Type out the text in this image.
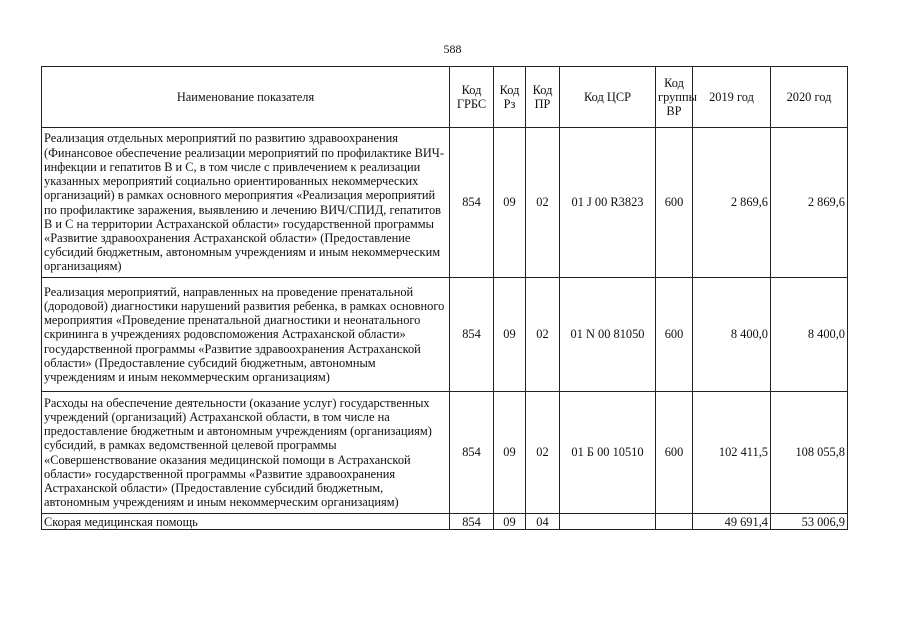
588
Наименование показателя	Код ГРБС	Код Рз	Код ПР	Код ЦСР	Код группы ВР	2019 год	2020 год
Реализация отдельных мероприятий по развитию здравоохранения (Финансовое обеспечение реализации мероприятий по профилактике ВИЧ-инфекции и гепатитов В и С, в том числе с привлечением к реализации указанных мероприятий социально ориентированных некоммерческих организаций) в рамках основного мероприятия «Реализация мероприятий по профилактике заражения, выявлению и лечению ВИЧ/СПИД, гепатитов В и С на территории Астраханской области» государственной программы «Развитие здравоохранения Астраханской области» (Предоставление субсидий бюджетным, автономным учреждениям и иным некоммерческим организациям)	854	09	02	01 J 00 R3823	600	2 869,6	2 869,6
Реализация мероприятий, направленных на проведение пренатальной (дородовой) диагностики нарушений развития ребенка, в рамках основного мероприятия «Проведение пренатальной диагностики и неонатального скрининга в учреждениях родовспоможения Астраханской области» государственной программы «Развитие здравоохранения Астраханской области» (Предоставление субсидий бюджетным, автономным учреждениям и иным некоммерческим организациям)	854	09	02	01 N 00 81050	600	8 400,0	8 400,0
Расходы на обеспечение деятельности (оказание услуг) государственных учреждений (организаций) Астраханской области, в том числе на предоставление бюджетным и автономным учреждениям (организациям) субсидий, в рамках ведомственной целевой программы «Совершенствование оказания медицинской помощи в Астраханской области» государственной программы «Развитие здравоохранения Астраханской области» (Предоставление субсидий бюджетным, автономным учреждениям и иным некоммерческим организациям)	854	09	02	01 Б 00 10510	600	102 411,5	108 055,8
Скорая медицинская помощь	854	09	04			49 691,4	53 006,9
